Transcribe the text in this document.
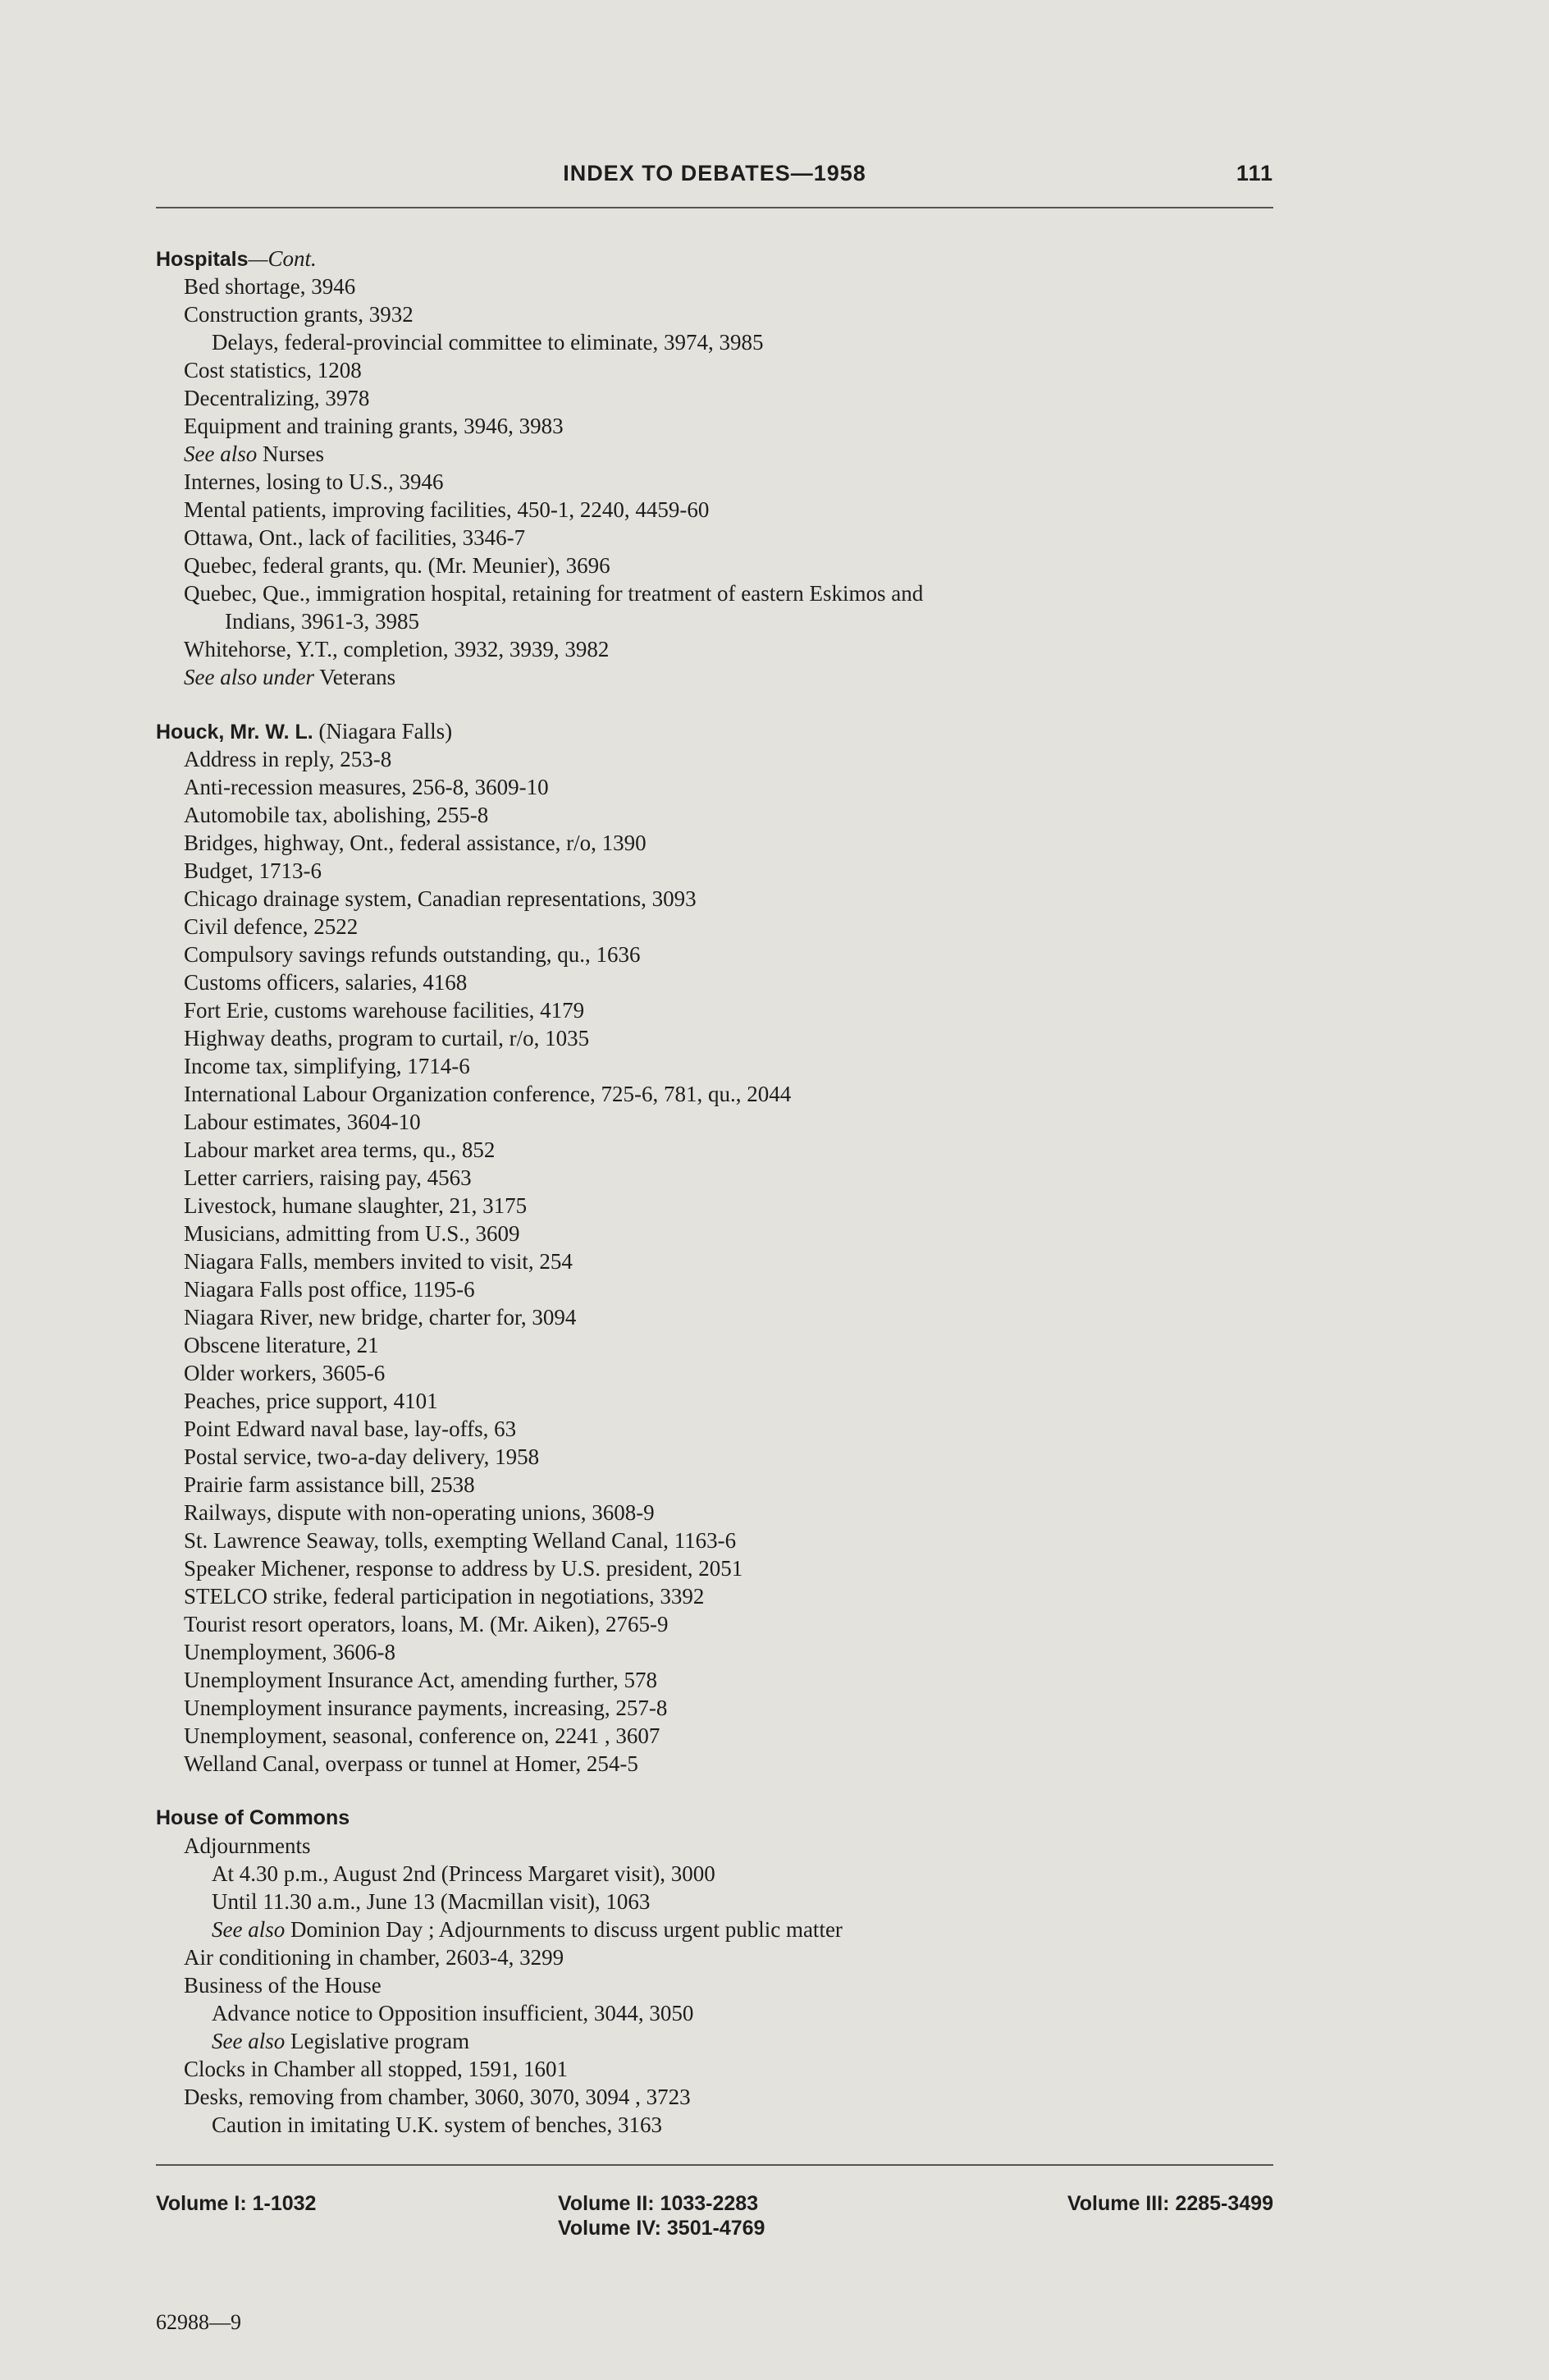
INDEX TO DEBATES—1958	111
Hospitals—Cont.
Bed shortage, 3946
Construction grants, 3932
Delays, federal-provincial committee to eliminate, 3974, 3985
Cost statistics, 1208
Decentralizing, 3978
Equipment and training grants, 3946, 3983
See also Nurses
Internes, losing to U.S., 3946
Mental patients, improving facilities, 450-1, 2240, 4459-60
Ottawa, Ont., lack of facilities, 3346-7
Quebec, federal grants, qu. (Mr. Meunier), 3696
Quebec, Que., immigration hospital, retaining for treatment of eastern Eskimos and
Indians, 3961-3, 3985
Whitehorse, Y.T., completion, 3932, 3939, 3982
See also under Veterans
Houck, Mr. W. L. (Niagara Falls)
Address in reply, 253-8
Anti-recession measures, 256-8, 3609-10
Automobile tax, abolishing, 255-8
Bridges, highway, Ont., federal assistance, r/o, 1390
Budget, 1713-6
Chicago drainage system, Canadian representations, 3093
Civil defence, 2522
Compulsory savings refunds outstanding, qu., 1636
Customs officers, salaries, 4168
Fort Erie, customs warehouse facilities, 4179
Highway deaths, program to curtail, r/o, 1035
Income tax, simplifying, 1714-6
International Labour Organization conference, 725-6, 781, qu., 2044
Labour estimates, 3604-10
Labour market area terms, qu., 852
Letter carriers, raising pay, 4563
Livestock, humane slaughter, 21, 3175
Musicians, admitting from U.S., 3609
Niagara Falls, members invited to visit, 254
Niagara Falls post office, 1195-6
Niagara River, new bridge, charter for, 3094
Obscene literature, 21
Older workers, 3605-6
Peaches, price support, 4101
Point Edward naval base, lay-offs, 63
Postal service, two-a-day delivery, 1958
Prairie farm assistance bill, 2538
Railways, dispute with non-operating unions, 3608-9
St. Lawrence Seaway, tolls, exempting Welland Canal, 1163-6
Speaker Michener, response to address by U.S. president, 2051
STELCO strike, federal participation in negotiations, 3392
Tourist resort operators, loans, M. (Mr. Aiken), 2765-9
Unemployment, 3606-8
Unemployment Insurance Act, amending further, 578
Unemployment insurance payments, increasing, 257-8
Unemployment, seasonal, conference on, 2241 , 3607
Welland Canal, overpass or tunnel at Homer, 254-5
House of Commons
Adjournments
At 4.30 p.m., August 2nd (Princess Margaret visit), 3000
Until 11.30 a.m., June 13 (Macmillan visit), 1063
See also Dominion Day ; Adjournments to discuss urgent public matter
Air conditioning in chamber, 2603-4, 3299
Business of the House
Advance notice to Opposition insufficient, 3044, 3050
See also Legislative program
Clocks in Chamber all stopped, 1591, 1601
Desks, removing from chamber, 3060, 3070, 3094 , 3723
Caution in imitating U.K. system of benches, 3163
Volume I: 1-1032	Volume II: 1033-2283
Volume IV: 3501-4769
Volume III: 2285-3499
62988—9
